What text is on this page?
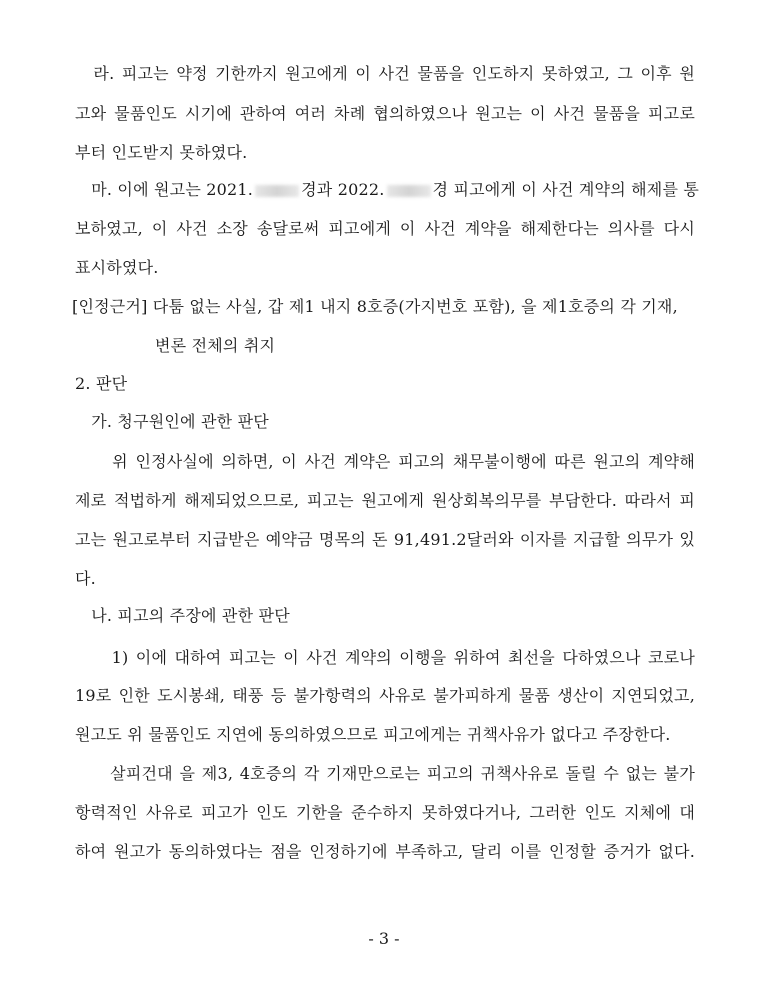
　라. 피고는 약정 기한까지 원고에게 이 사건 물품을 인도하지 못하였고, 그 이후 원
고와 물품인도 시기에 관하여 여러 차례 협의하였으나 원고는 이 사건 물품을 피고로
부터 인도받지 못하였다.
　마. 이에 원고는 2021.	경과 2022.	경 피고에게 이 사건 계약의 해제를 통
보하였고, 이 사건 소장 송달로써 피고에게 이 사건 계약을 해제한다는 의사를 다시
표시하였다.
[인정근거] 다툼 없는 사실, 갑 제1 내지 8호증(가지번호 포함), 을 제1호증의 각 기재,
변론 전체의 취지
2. 판단
　가. 청구원인에 관한 판단
　　위 인정사실에 의하면, 이 사건 계약은 피고의 채무불이행에 따른 원고의 계약해
제로 적법하게 해제되었으므로, 피고는 원고에게 원상회복의무를 부담한다. 따라서 피
고는 원고로부터 지급받은 예약금 명목의 돈 91,491.2달러와 이자를 지급할 의무가 있
다.
　나. 피고의 주장에 관한 판단
　　1) 이에 대하여 피고는 이 사건 계약의 이행을 위하여 최선을 다하였으나 코로나
19로 인한 도시봉쇄, 태풍 등 불가항력의 사유로 불가피하게 물품 생산이 지연되었고,
원고도 위 물품인도 지연에 동의하였으므로 피고에게는 귀책사유가 없다고 주장한다.
　　살피건대 을 제3, 4호증의 각 기재만으로는 피고의 귀책사유로 돌릴 수 없는 불가
항력적인 사유로 피고가 인도 기한을 준수하지 못하였다거나, 그러한 인도 지체에 대
하여 원고가 동의하였다는 점을 인정하기에 부족하고, 달리 이를 인정할 증거가 없다.
- 3 -
